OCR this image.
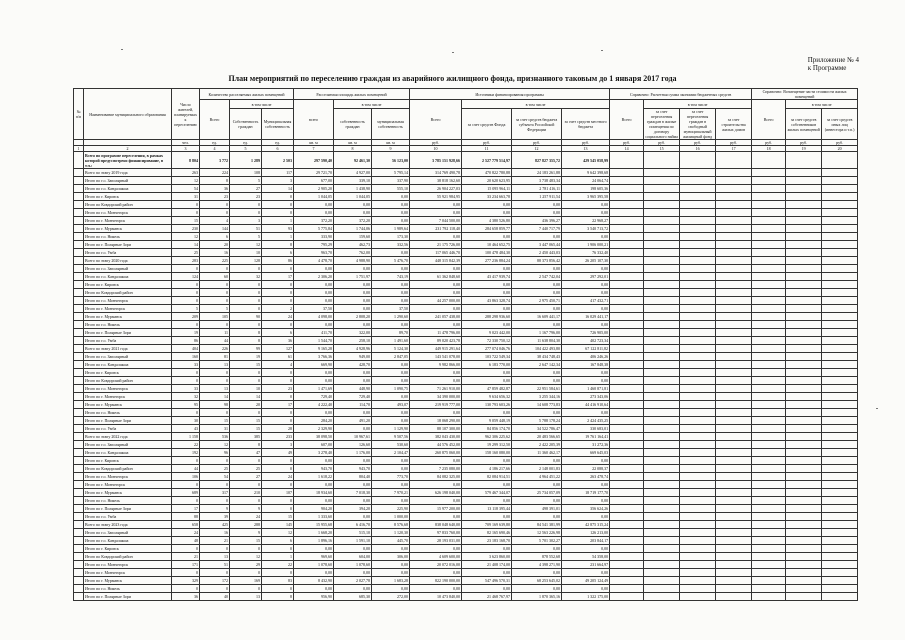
Приложение № 4
к Программе
План мероприятий по переселению граждан из аварийного жилищного фонда, признанного таковым до 1 января 2017 года
№ п/п	Наименование муниципального образования	Число жителей, планируемых к переселению	Количество расселяемых жилых помещений			Расселяемая площадь жилых помещений			Источники финансирования программы				Справочно: Расчетная сумма экономии бюджетных средств				Справочно: Возмещение части стоимости жилых помещений		
			Всего	в том числе		всего	в том числе		Всего	в том числе			Всего	в том числе			Всего	в том числе	
				Собственность граждан	Муниципальная собственность		собственность граждан	муниципальная собственность		за счет средств Фонда	за счет средств бюджета субъекта Российской Федерации	за счет средств местного бюджета		за счет переселения граждан в жилые помещения по договору социального найма	за счет переселения граждан в свободный муниципальный жилищный фонд	за счет строительства жилых домов		за счет средств собственников жилых помещений	за счет средств иных лиц (инвестора и т.п.)
		чел.	ед.	ед.	ед.	кв. м	кв. м	кв. м	руб.	руб.	руб.	руб.	руб.	руб.	руб.	руб.	руб.	руб.	руб.
1	2	3	4	5	6	7	8	9	10	11	12	13	14	15	16	17	18	19	20
	Всего по программе переселения, в рамках которой предусмотрено финансирование, в т.ч.:	8 804	3 772	1 289	2 503	297 590,40	92 461,30	56 123,00	3 785 151 928,66	2 527 779 514,97	827 827 355,72	429 545 058,99							
	Всего по этапу 2019 года	263	224	108	117	29 721,70	4 927,00	5 795,14	314 769 490,78	470 822 780,88	24 183 261,88	9 642 398,68							
	Итого по г.о. Заполярный	12	8	5	3	677,00	339,10	337,90	38 818 162,60	20 620 623,95	3 738 483,34	24 064,74							
	Итого по г.о. Кандалакша	54	36	27	14	2 905,20	1 438,90	555,10	26 904 227,03	15 095 964,11	2 781 416,11	198 605,36							
	Итого по г. Кировск	31	23	23	0	1 044,05	1 044,05	0,00	55 921 984,95	33 234 663,78	1 257 911,54	3 965 395,58							
	Итого по Ковдорский район	0	0	0	0	0,00	0,00	0,00	0,00	0,00	0,00	0,00							
	Итого по г.о. Мончегорск	0	0	0	0	0,00	0,00	0,00	0,00	0,00	0,00	0,00							
	Итого по г. Мончегорск	15	4	3	1	372,20	372,20	0,00	7 044 500,00	4 380 526,80	436 396,27	22 968,27							
	Итого по г. Мурманск	230	144	51	93	5 775,84	1 744,06	1 989,64	231 792 118,40	284 658 859,77	7 440 717,79	3 540 713,72							
	Итого по г.о. Никель	12	6	5	1	333,90	159,60	173,30	0,00	0,00	0,00	0,00							
	Итого по г. Полярные Зори	14	20	12	8	795,29	462,73	332,56	21 175 726,00	10 464 652,75	3 447 065,44	1 906 000,21							
	Итого по г.о. Умба	25	16	10	6	963,70	762,00	0,00	117 065 446,70	100 478 484,30	2 450 443,03	76 332,40							
	Всего по этапу 2020 года	283	225	128	86	4 478,70	4 988,90	5 476,70	448 315 842,39	277 236 884,24	88 373 856,42	26 205 107,30							
	Итого по г.о. Заполярный	0	0	0	0	0,00	0,00	0,00	0,00	0,00	0,00	0,00							
	Итого по г.о. Кандалакша	124	60	32	17	2 306,20	1 751,97	743,19	61 362 848,60	43 417 939,74	2 547 742,04	297 292,01							
	Итого по г. Кировск	0	0	0	0	0,00	0,00	0,00	0,00	0,00	0,00	0,00							
	Итого по Ковдорский район	0	0	0	0	0,00	0,00	0,00	0,00	0,00	0,00	0,00							
	Итого по г.о. Мончегорск	0	0	0	0	0,00	0,00	0,00	44 257 000,00	43 863 328,74	2 975 450,71	417 432,71							
	Итого по г. Мончегорск	5	5	0	2	37,50	0,00	37,50	0,00	0,00	0,00	0,00							
	Итого по г. Мурманск	209	105	90	24	4 098,00	2 808,20	1 290,60	241 057 438,00	288 298 936,60	16 609 441,17	16 029 441,17							
	Итого по г.о. Никель	0	0	0	0	0,00	0,00	0,00	0,00	0,00	0,00	0,00							
	Итого по г. Полярные Зори	19	11	8	6	411,70	322,00	89,70	11 478 796,00	9 023 442,00	1 167 796,00	726 905,00							
	Итого по г.о. Умба	86	44	8	36	1 544,70	258,10	1 491,60	89 020 423,78	72 330 750,12	11 638 804,30	402 723,34							
	Всего по этапу 2021 года	404	226	99	127	9 165,28	4 928,96	5 124,30	449 915 291,64	277 074 046,76	104 422 493,80	67 122 811,82							
	Итого по г.о. Заполярный	160	81	19	61	3 766,36	949,00	2 847,05	143 541 078,00	103 722 549,34	38 434 748,43	406 246,26							
	Итого по г.о. Кандалакша	33	13	15	4	669,90	428,70	0,00	9 982 866,00	6 183 770,00	2 647 142,34	167 848,38							
	Итого по г. Кировск	0	0	0	0	0,00	0,00	0,00	0,00	0,00	0,00	0,00							
	Итого по Ковдорский район	0	0	0	0	0,00	0,00	0,00	0,00	0,00	0,00	0,00							
	Итого по г.о. Мончегорск	33	13	10	23	1 471,69	448,90	1 090,75	71 261 910,00	47 859 482,87	22 951 584,61	1 460 871,81							
	Итого по г. Мончегорск	32	14	14	0	729,40	729,40	0,00	34 390 000,00	9 634 656,32	3 255 344,16	273 343,06							
	Итого по г. Мурманск	95	98	20	17	4 222,40	114,70	493,07	219 919 777,00	130 793 603,26	14 608 773,83	44 416 910,64							
	Итого по г.о. Никель	0	0	0	0	0,00	0,00	0,00	0,00	0,00	0,00	0,00							
	Итого по г. Полярные Зори	30	15	15	0	284,20	491,20	0,00	18 068 290,00	9 059 448,19	5 788 178,24	2 424 435,25							
	Итого по г.о. Умба	43	31	15	28	2 329,90	0,00	1 129,90	88 107 300,00	84 856 174,70	34 522 786,47	330 683,01							
	Всего по этапу 2022 года	1 158	536	385	233	38 098,50	10 967,61	9 507,56	382 043 430,00	962 306 225,62	20 483 566,65	19 761 164,41							
	Итого по г.о. Заполярный	22	12	8	3	607,00	126,60	530,60	44 576 452,00	19 299 312,50	2 422 205,39	31 272,36							
	Итого по г.о. Кандалакша	192	96	47	49	3 278,40	1 176,00	2 104,47	260 875 060,00	158 160 080,00	11 360 462,17	669 645,03							
	Итого по г. Кировск	0	0	0	0	0,00	0,00	0,00	0,00	0,00	0,00	0,00							
	Итого по Ковдорский район	44	25	25	0	943,70	943,70	0,00	7 235 080,00	4 186 217,66	2 148 001,83	22 088,37							
	Итого по г.о. Мончегорск	106	54	27	24	1 618,22	804,40	773,70	84 082 325,00	82 084 914,51	4 964 451,22	263 478,74							
	Итого по г. Мончегорск	0	0	0	0	0,00	0,00	0,00	0,00	0,00	0,00	0,00							
	Итого по г. Мурманск	689	317	210	107	18 934,60	7 018,30	7 970,21	626 198 040,00	579 467 344,07	25 734 057,09	18 719 177,70							
	Итого по г.о. Никель	0	0	0	0	0,00	0,00	0,00	0,00	0,00	0,00	0,00							
	Итого по г. Полярные Зори	17	9	9	0	904,20	394,20	225,90	15 977 200,00	13 118 395,44	498 391,01	356 624,26							
	Итого по г.о. Умба	88	39	24	15	1 333,60	0,00	1 000,00	0,00	0,00	0,00	0,00							
	Всего по этапу 2023 года	658	425	288	145	15 955,68	6 416,70	8 576,68	838 048 640,00	709 169 639,80	84 541 381,99	42 875 315,24							
	Итого по г.о. Заполярный	24	16	9	12	1 668,20	515,10	1 120,30	97 833 760,00	82 165 690,46	12 563 226,98	126 213,00							
	Итого по г.о. Кандалакша	48	21	15	6	1 896,16	1 591,10	445,70	28 193 031,00	23 183 168,70	5 701 302,27	203 844,17							
	Итого по г. Кировск	0	0	0	0	0,00	0,00	0,00	0,00	0,00	0,00	0,00							
	Итого по Ковдорский район	21	13	12	1	969,60	604,00	306,00	4 609 600,00	3 623 860,00	878 552,68	54 358,00							
	Итого по г.о. Мончегорск	171	51	29	22	1 078,60	1 078,60	0,00	20 072 016,00	21 408 174,00	4 398 271,90	231 664,97							
	Итого по г. Мончегорск	0	0	0	0	0,00	0,00	0,00	0,00	0,00	0,00	0,00							
	Итого по г. Мурманск	329	172	169	83	8 432,90	2 027,78	1 683,28	822 190 000,00	547 496 570,31	68 253 645,02	49 205 124,49							
	Итого по г.о. Никель	0	0	0	0	0,00	0,00	0,00	0,00	0,00	0,00	0,00							
	Итого по г. Полярные Зори	36	40	13	8	956,90	685,30	272,00	10 473 840,00	21 468 767,97	1 870 365,16	1 322 175,00							
